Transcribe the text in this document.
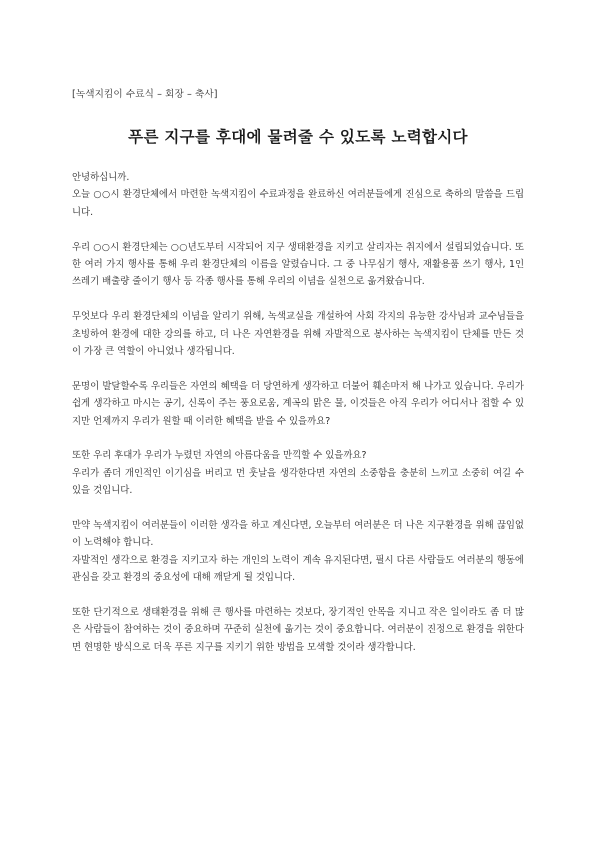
[녹색지킴이 수료식 – 회장 – 축사]
푸른 지구를 후대에 물려줄 수 있도록 노력합시다

안녕하십니까.

오늘 ○○시 환경단체에서 마련한 녹색지킴이 수료과정을 완료하신 여러분들에게 진심으로 축하의 말씀을 드립니다.

우리 ○○시 환경단체는 ○○년도부터 시작되어 지구 생태환경을 지키고 살리자는 취지에서 설립되었습니다. 또한 여러 가지 행사를 통해 우리 환경단체의 이름을 알렸습니다. 그 중 나무심기 행사, 재활용품 쓰기 행사, 1인 쓰레기 배출량 줄이기 행사 등 각종 행사를 통해 우리의 이념을 실천으로 옮겨왔습니다.

무엇보다 우리 환경단체의 이념을 알리기 위해, 녹색교실을 개설하여 사회 각지의 유능한 강사님과 교수님들을 초빙하여 환경에 대한 강의를 하고, 더 나은 자연환경을 위해 자발적으로 봉사하는 녹색지킴이 단체를 만든 것이 가장 큰 역할이 아니었나 생각됩니다.

문명이 발달할수록 우리들은 자연의 혜택을 더 당연하게 생각하고 더불어 훼손마저 해 나가고 있습니다. 우리가 쉽게 생각하고 마시는 공기, 신록이 주는 풍요로움, 계곡의 맑은 물, 이것들은 아직 우리가 어디서나 접할 수 있지만 언제까지 우리가 원할 때 이러한 혜택을 받을 수 있을까요?

또한 우리 후대가 우리가 누렸던 자연의 아름다움을 만끽할 수 있을까요?

우리가 좀더 개인적인 이기심을 버리고 먼 훗날을 생각한다면 자연의 소중함을 충분히 느끼고 소중히 여길 수 있을 것입니다.

만약 녹색지킴이 여러분들이 이러한 생각을 하고 계신다면, 오늘부터 여러분은 더 나은 지구환경을 위해 끊임없이 노력해야 합니다.

자발적인 생각으로 환경을 지키고자 하는 개인의 노력이 계속 유지된다면, 필시 다른 사람들도 여러분의 행동에 관심을 갖고 환경의 중요성에 대해 깨닫게 될 것입니다.

또한 단기적으로 생태환경을 위해 큰 행사를 마련하는 것보다, 장기적인 안목을 지니고 작은 일이라도 좀 더 많은 사람들이 참여하는 것이 중요하며 꾸준히 실천에 옮기는 것이 중요합니다. 여러분이 진정으로 환경을 위한다면 현명한 방식으로 더욱 푸른 지구를 지키기 위한 방법을 모색할 것이라 생각합니다.
